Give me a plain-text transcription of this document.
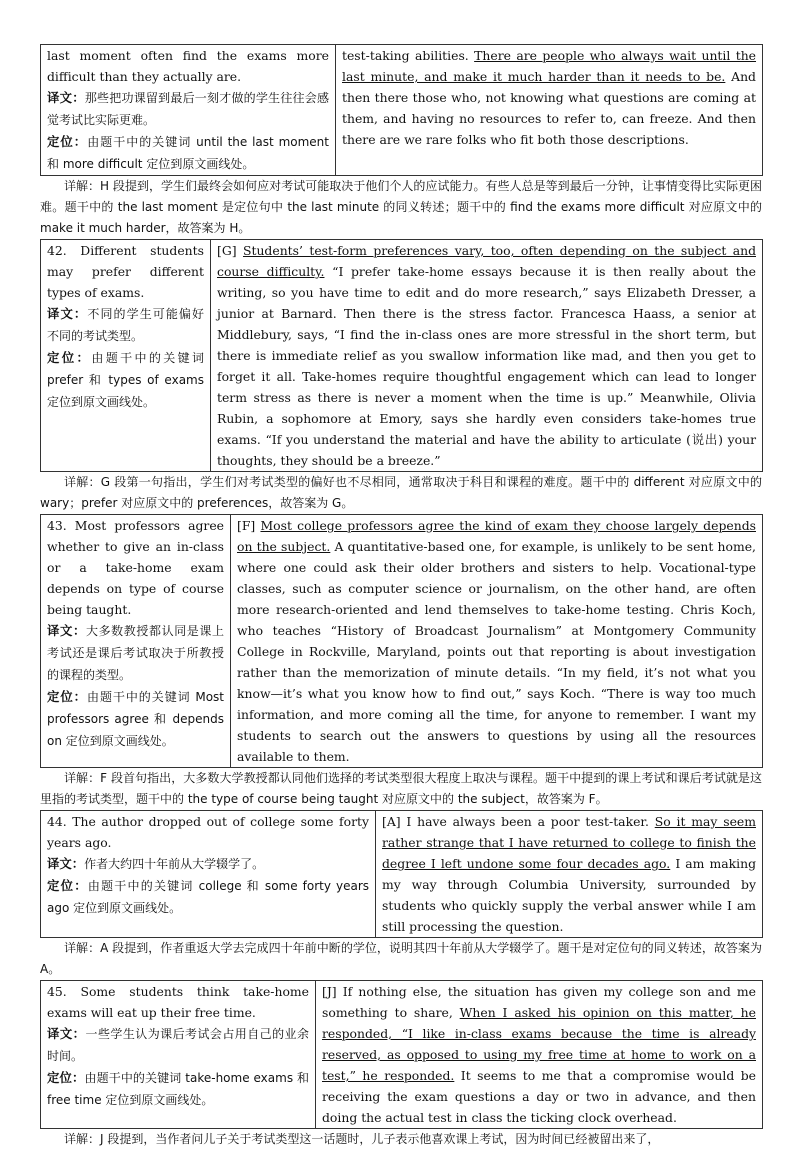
last moment often find the exams more difficult than they actually are.
译文：那些把功课留到最后一刻才做的学生往往会感觉考试比实际更难。
定位：由题干中的关键词 until the last moment 和 more difficult 定位到原文画线处。
	test-taking abilities. There are people who always wait until the last minute, and make it much harder than it needs to be. And then there those who, not knowing what questions are coming at them, and having no resources to refer to, can freeze. And then there are we rare folks who fit both those descriptions.

详解：H 段提到，学生们最终会如何应对考试可能取决于他们个人的应试能力。有些人总是等到最后一分钟，让事情变得比实际更困难。题干中的 the last moment 是定位句中 the last minute 的同义转述；题干中的 find the exams more difficult 对应原文中的 make it much harder，故答案为 H。

42. Different students may prefer different types of exams.
译文：不同的学生可能偏好不同的考试类型。
定位：由题干中的关键词 prefer 和 types of exams 定位到原文画线处。
	[G] Students’ test-form preferences vary, too, often depending on the subject and course difficulty. “I prefer take-home essays because it is then really about the writing, so you have time to edit and do more research,” says Elizabeth Dresser, a junior at Barnard. Then there is the stress factor. Francesca Haass, a senior at Middlebury, says, “I find the in-class ones are more stressful in the short term, but there is immediate relief as you swallow information like mad, and then you get to forget it all. Take-homes require thoughtful engagement which can lead to longer term stress as there is never a moment when the time is up.” Meanwhile, Olivia Rubin, a sophomore at Emory, says she hardly even considers take-homes true exams. “If you understand the material and have the ability to articulate (说出) your thoughts, they should be a breeze.”

详解：G 段第一句指出，学生们对考试类型的偏好也不尽相同，通常取决于科目和课程的难度。题干中的 different 对应原文中的 wary；prefer 对应原文中的 preferences，故答案为 G。

43. Most professors agree whether to give an in-class or a take-home exam depends on type of course being taught.
译文：大多数教授都认同是课上考试还是课后考试取决于所教授的课程的类型。
定位：由题干中的关键词 Most professors agree 和 depends on 定位到原文画线处。
	[F] Most college professors agree the kind of exam they choose largely depends on the subject. A quantitative-based one, for example, is unlikely to be sent home, where one could ask their older brothers and sisters to help. Vocational-type classes, such as computer science or journalism, on the other hand, are often more research-oriented and lend themselves to take-home testing. Chris Koch, who teaches “History of Broadcast Journalism” at Montgomery Community College in Rockville, Maryland, points out that reporting is about investigation rather than the memorization of minute details. “In my field, it’s not what you know—it’s what you know how to find out,” says Koch. “There is way too much information, and more coming all the time, for anyone to remember. I want my students to search out the answers to questions by using all the resources available to them.

详解：F 段首句指出，大多数大学教授都认同他们选择的考试类型很大程度上取决与课程。题干中提到的课上考试和课后考试就是这里指的考试类型，题干中的 the type of course being taught 对应原文中的 the subject，故答案为 F。

44. The author dropped out of college some forty years ago.
译文：作者大约四十年前从大学辍学了。
定位：由题干中的关键词 college 和 some forty years ago 定位到原文画线处。
	[A] I have always been a poor test-taker. So it may seem rather strange that I have returned to college to finish the degree I left undone some four decades ago. I am making my way through Columbia University, surrounded by students who quickly supply the verbal answer while I am still processing the question.

详解：A 段提到，作者重返大学去完成四十年前中断的学位，说明其四十年前从大学辍学了。题干是对定位句的同义转述，故答案为 A。

45. Some students think take-home exams will eat up their free time.
译文：一些学生认为课后考试会占用自己的业余时间。
定位：由题干中的关键词 take-home exams 和 free time 定位到原文画线处。
	[J] If nothing else, the situation has given my college son and me something to share, When I asked his opinion on this matter, he responded, “I like in-class exams because the time is already reserved, as opposed to using my free time at home to work on a test,” he responded. It seems to me that a compromise would be receiving the exam questions a day or two in advance, and then doing the actual test in class the ticking clock overhead.

详解：J 段提到，当作者问儿子关于考试类型这一话题时，儿子表示他喜欢课上考试，因为时间已经被留出来了，
